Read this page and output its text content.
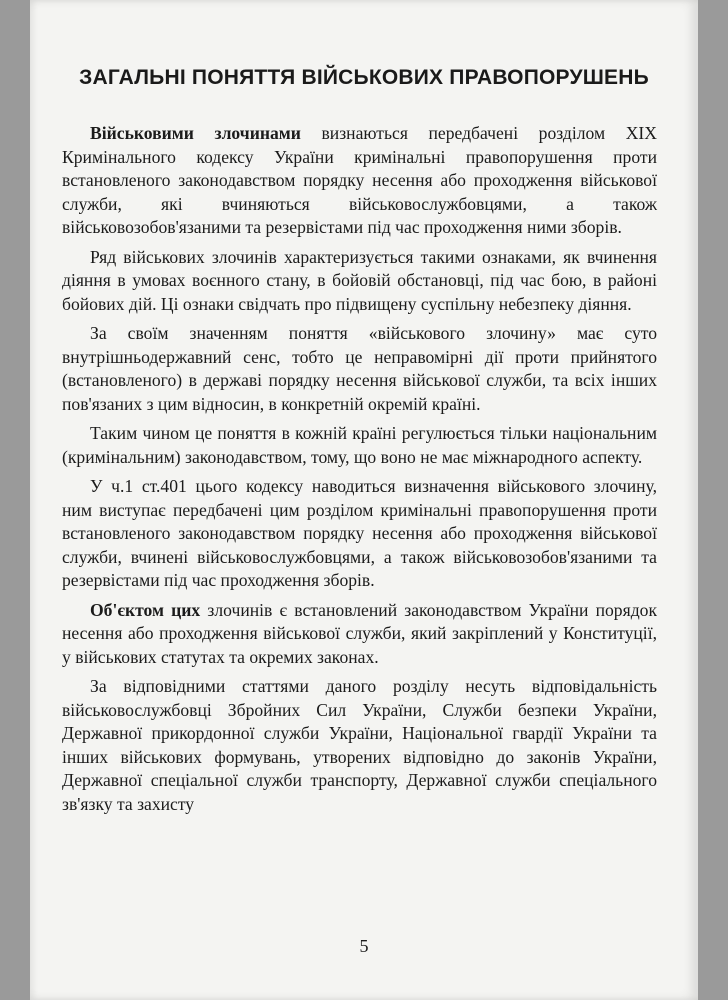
ЗАГАЛЬНІ ПОНЯТТЯ ВІЙСЬКОВИХ ПРАВОПОРУШЕНЬ

Військовими злочинами визнаються передбачені розділом ХІХ Кримінального кодексу України кримінальні правопорушення проти встановленого законодавством порядку несення або проходження військової служби, які вчиняються військовослужбовцями, а також військовозобов'язаними та резервістами під час проходження ними зборів.

Ряд військових злочинів характеризується такими ознаками, як вчинення діяння в умовах воєнного стану, в бойовій обстановці, під час бою, в районі бойових дій. Ці ознаки свідчать про підвищену суспільну небезпеку діяння.

За своїм значенням поняття «військового злочину» має суто внутрішньодержавний сенс, тобто це неправомірні дії проти прийнятого (встановленого) в державі порядку несення військової служби, та всіх інших пов'язаних з цим відносин, в конкретній окремій країні.

Таким чином це поняття в кожній країні регулюється тільки національним (кримінальним) законодавством, тому, що воно не має міжнародного аспекту.

У ч.1 ст.401 цього кодексу наводиться визначення військового злочину, ним виступає передбачені цим розділом кримінальні правопорушення проти встановленого законодавством порядку несення або проходження військової служби, вчинені військовослужбовцями, а також військовозобов'язаними та резервістами під час проходження зборів.

Об'єктом цих злочинів є встановлений законодавством України порядок несення або проходження військової служби, який закріплений у Конституції, у військових статутах та окремих законах.

За відповідними статтями даного розділу несуть відповідальність військовослужбовці Збройних Сил України, Служби безпеки України, Державної прикордонної служби України, Національної гвардії України та інших військових формувань, утворених відповідно до законів України, Державної спеціальної служби транспорту, Державної служби спеціального зв'язку та захисту

5
